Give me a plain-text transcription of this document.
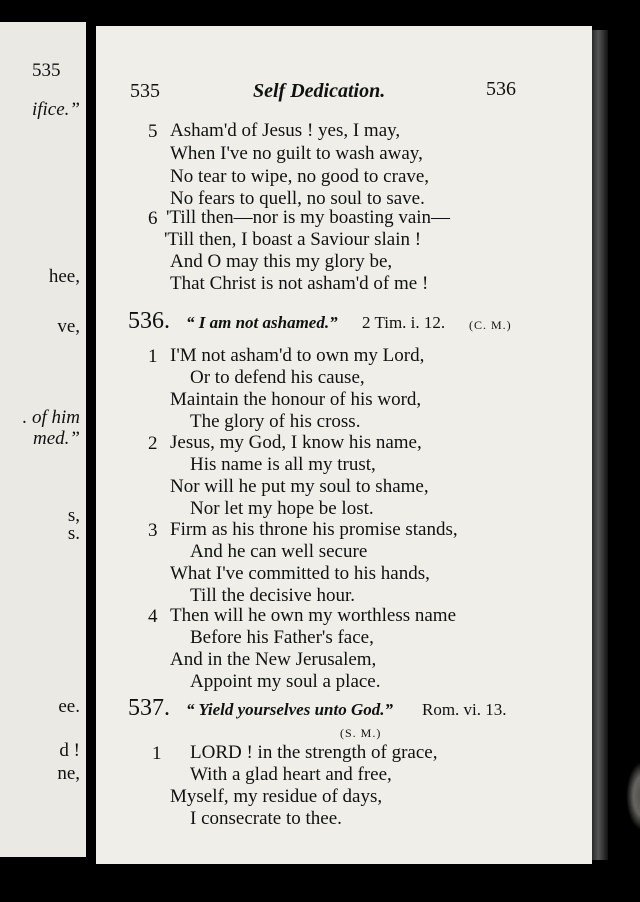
535
ifice.”
hee,
ve,
. of him
med.”
s,
s.
ee.
d !
ne,
535	Self Dedication.	536
5 Asham'd of Jesus ! yes, I may,
When I've no guilt to wash away,
No tear to wipe, no good to crave,
No fears to quell, no soul to save.
6 'Till then—nor is my boasting vain—
'Till then, I boast a Saviour slain !
And O may this my glory be,
That Christ is not asham'd of me !
536. “ I am not ashamed.” 2 Tim. i. 12. (C. M.)
1 I'M not asham'd to own my Lord,
Or to defend his cause,
Maintain the honour of his word,
The glory of his cross.
2 Jesus, my God, I know his name,
His name is all my trust,
Nor will he put my soul to shame,
Nor let my hope be lost.
3 Firm as his throne his promise stands,
And he can well secure
What I've committed to his hands,
Till the decisive hour.
4 Then will he own my worthless name
Before his Father's face,
And in the New Jerusalem,
Appoint my soul a place.
537. “ Yield yourselves unto God.” Rom. vi. 13.
(S. M.)
1 LORD ! in the strength of grace,
With a glad heart and free,
Myself, my residue of days,
I consecrate to thee.
